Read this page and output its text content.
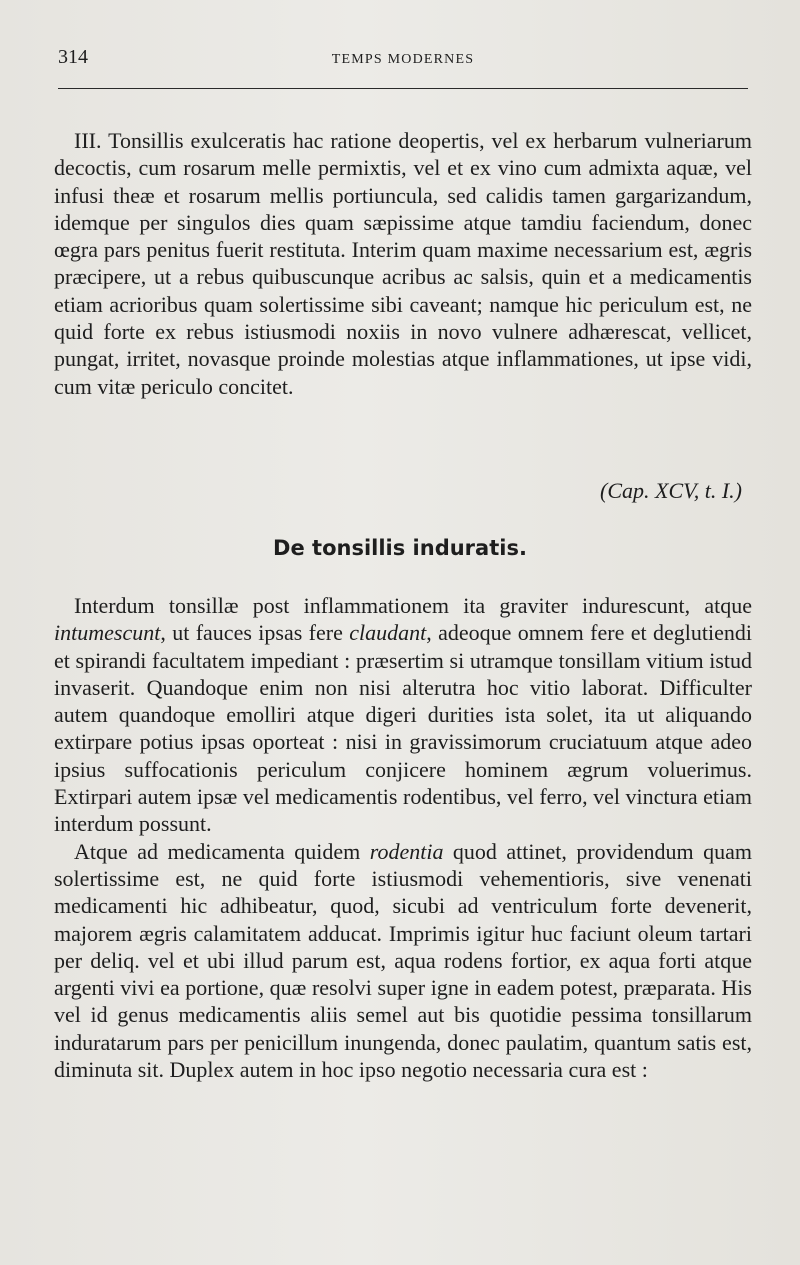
314	TEMPS MODERNES

III. Tonsillis exulceratis hac ratione deopertis, vel ex herbarum vulneriarum decoctis, cum rosarum melle permixtis, vel et ex vino cum admixta aquæ, vel infusi theæ et rosarum mellis portiuncula, sed calidis tamen gargarizandum, idemque per singulos dies quam sæpissime atque tamdiu faciendum, donec œgra pars penitus fuerit restituta. Interim quam maxime necessarium est, ægris præcipere, ut a rebus quibuscunque acribus ac salsis, quin et a medicamentis etiam acrioribus quam solertissime sibi caveant; namque hic periculum est, ne quid forte ex rebus istiusmodi noxiis in novo vulnere adhærescat, vellicet, pungat, irritet, novasque proinde molestias atque inflammationes, ut ipse vidi, cum vitæ periculo concitet.

(Cap. XCV, t. I.)
De tonsillis induratis.

Interdum tonsillæ post inflammationem ita graviter indurescunt, atque intumescunt, ut fauces ipsas fere claudant, adeoque omnem fere et deglutiendi et spirandi facultatem impediant : præsertim si utramque tonsillam vitium istud invaserit. Quandoque enim non nisi alterutra hoc vitio laborat. Difficulter autem quandoque emolliri atque digeri durities ista solet, ita ut aliquando extirpare potius ipsas oporteat : nisi in gravissimorum cruciatuum atque adeo ipsius suffocationis periculum conjicere hominem ægrum voluerimus. Extirpari autem ipsæ vel medicamentis rodentibus, vel ferro, vel vinctura etiam interdum possunt.

Atque ad medicamenta quidem rodentia quod attinet, providendum quam solertissime est, ne quid forte istiusmodi vehementioris, sive venenati medicamenti hic adhibeatur, quod, sicubi ad ventriculum forte devenerit, majorem ægris calamitatem adducat. Imprimis igitur huc faciunt oleum tartari per deliq. vel et ubi illud parum est, aqua rodens fortior, ex aqua forti atque argenti vivi ea portione, quæ resolvi super igne in eadem potest, præparata. His vel id genus medicamentis aliis semel aut bis quotidie pessima tonsillarum induratarum pars per penicillum inungenda, donec paulatim, quantum satis est, diminuta sit. Duplex autem in hoc ipso negotio necessaria cura est :
